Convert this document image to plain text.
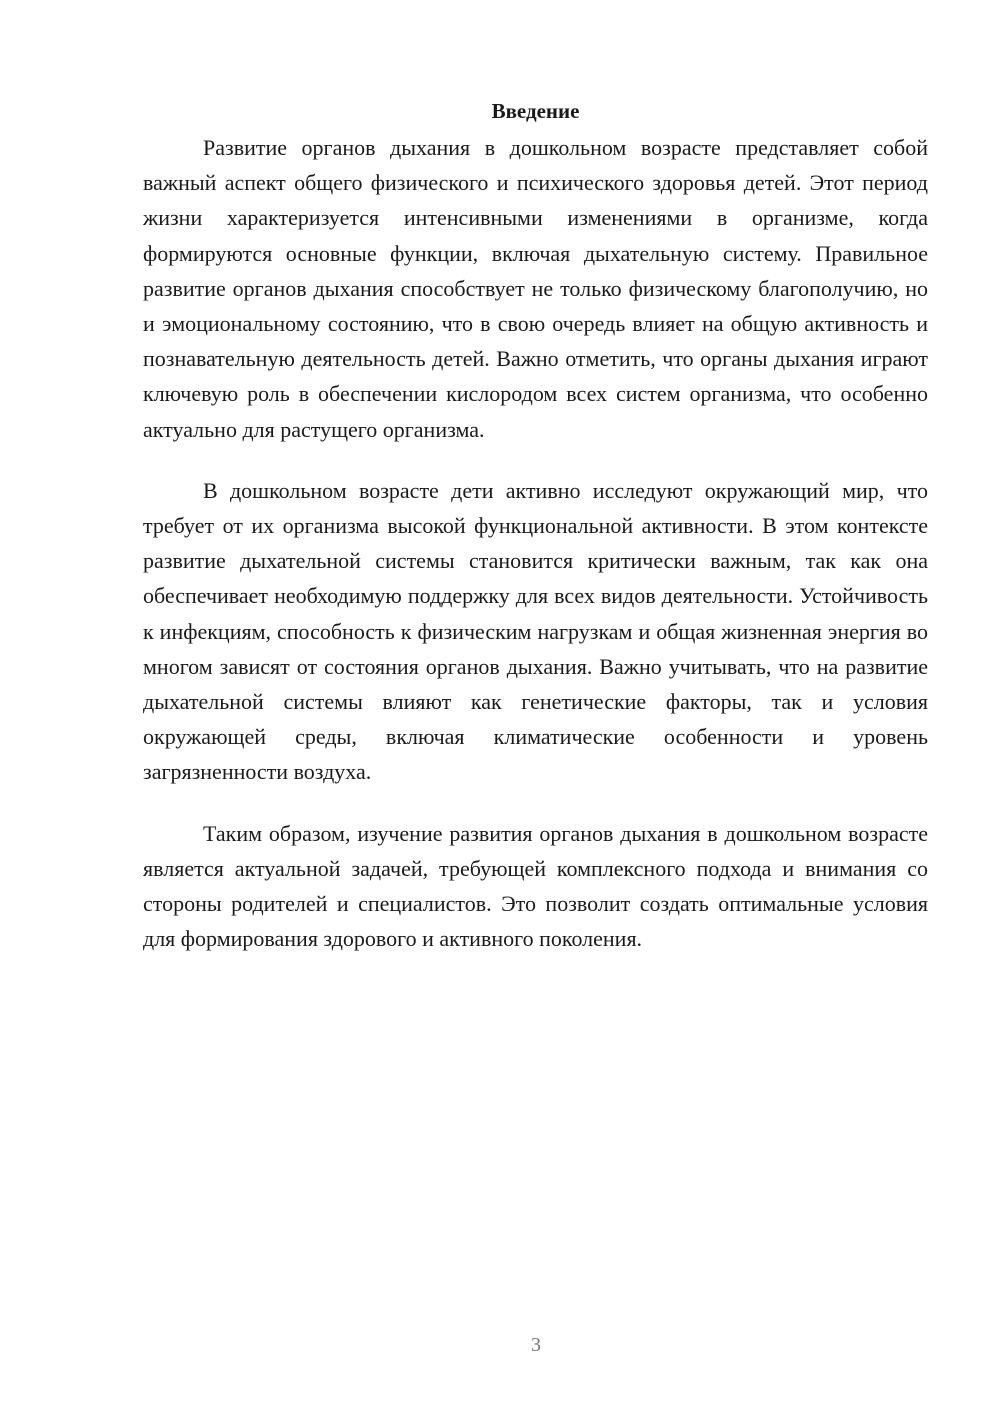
Введение

Развитие органов дыхания в дошкольном возрасте представляет собой важный аспект общего физического и психического здоровья детей. Этот период жизни характеризуется интенсивными изменениями в организме, когда формируются основные функции, включая дыхательную систему. Правильное развитие органов дыхания способствует не только физическому благополучию, но и эмоциональному состоянию, что в свою очередь влияет на общую активность и познавательную деятельность детей. Важно отметить, что органы дыхания играют ключевую роль в обеспечении кислородом всех систем организма, что особенно актуально для растущего организма.

В дошкольном возрасте дети активно исследуют окружающий мир, что требует от их организма высокой функциональной активности. В этом контексте развитие дыхательной системы становится критически важным, так как она обеспечивает необходимую поддержку для всех видов деятельности. Устойчивость к инфекциям, способность к физическим нагрузкам и общая жизненная энергия во многом зависят от состояния органов дыхания. Важно учитывать, что на развитие дыхательной системы влияют как генетические факторы, так и условия окружающей среды, включая климатические особенности и уровень загрязненности воздуха.

Таким образом, изучение развития органов дыхания в дошкольном возрасте является актуальной задачей, требующей комплексного подхода и внимания со стороны родителей и специалистов. Это позволит создать оптимальные условия для формирования здорового и активного поколения.

3
